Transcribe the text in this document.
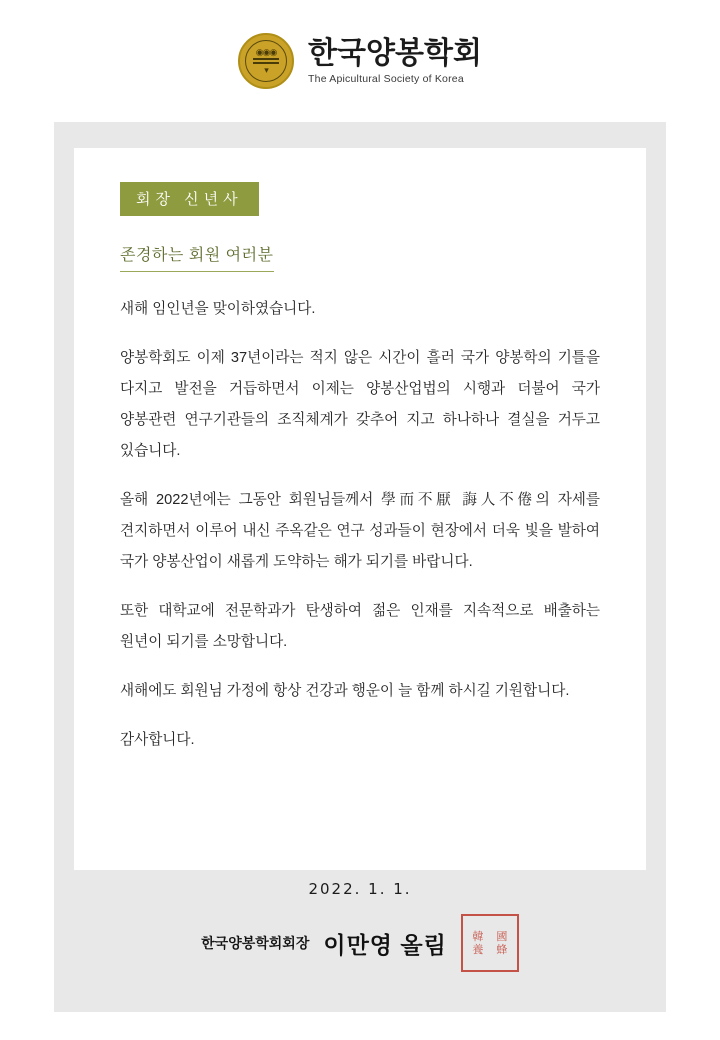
◉◉◉
▾ 한국양봉학회
The Apicultural Society of Korea
회장 신년사
존경하는 회원 여러분

새해 임인년을 맞이하였습니다.

양봉학회도 이제 37년이라는 적지 않은 시간이 흘러 국가 양봉학의 기틀을 다지고 발전을 거듭하면서 이제는 양봉산업법의 시행과 더불어 국가 양봉관련 연구기관들의 조직체계가 갖추어 지고 하나하나 결실을 거두고 있습니다.

올해 2022년에는 그동안 회원님들께서 學而不厭 誨人不倦의 자세를 견지하면서 이루어 내신 주옥같은 연구 성과들이 현장에서 더욱 빛을 발하여 국가 양봉산업이 새롭게 도약하는 해가 되기를 바랍니다.

또한 대학교에 전문학과가 탄생하여 젊은 인재를 지속적으로 배출하는 원년이 되기를 소망합니다.

새해에도 회원님 가정에 항상 건강과 행운이 늘 함께 하시길 기원합니다.

감사합니다.

2022. 1. 1.
한국양봉학회회장 이만영 올림	韓	國
養	蜂
